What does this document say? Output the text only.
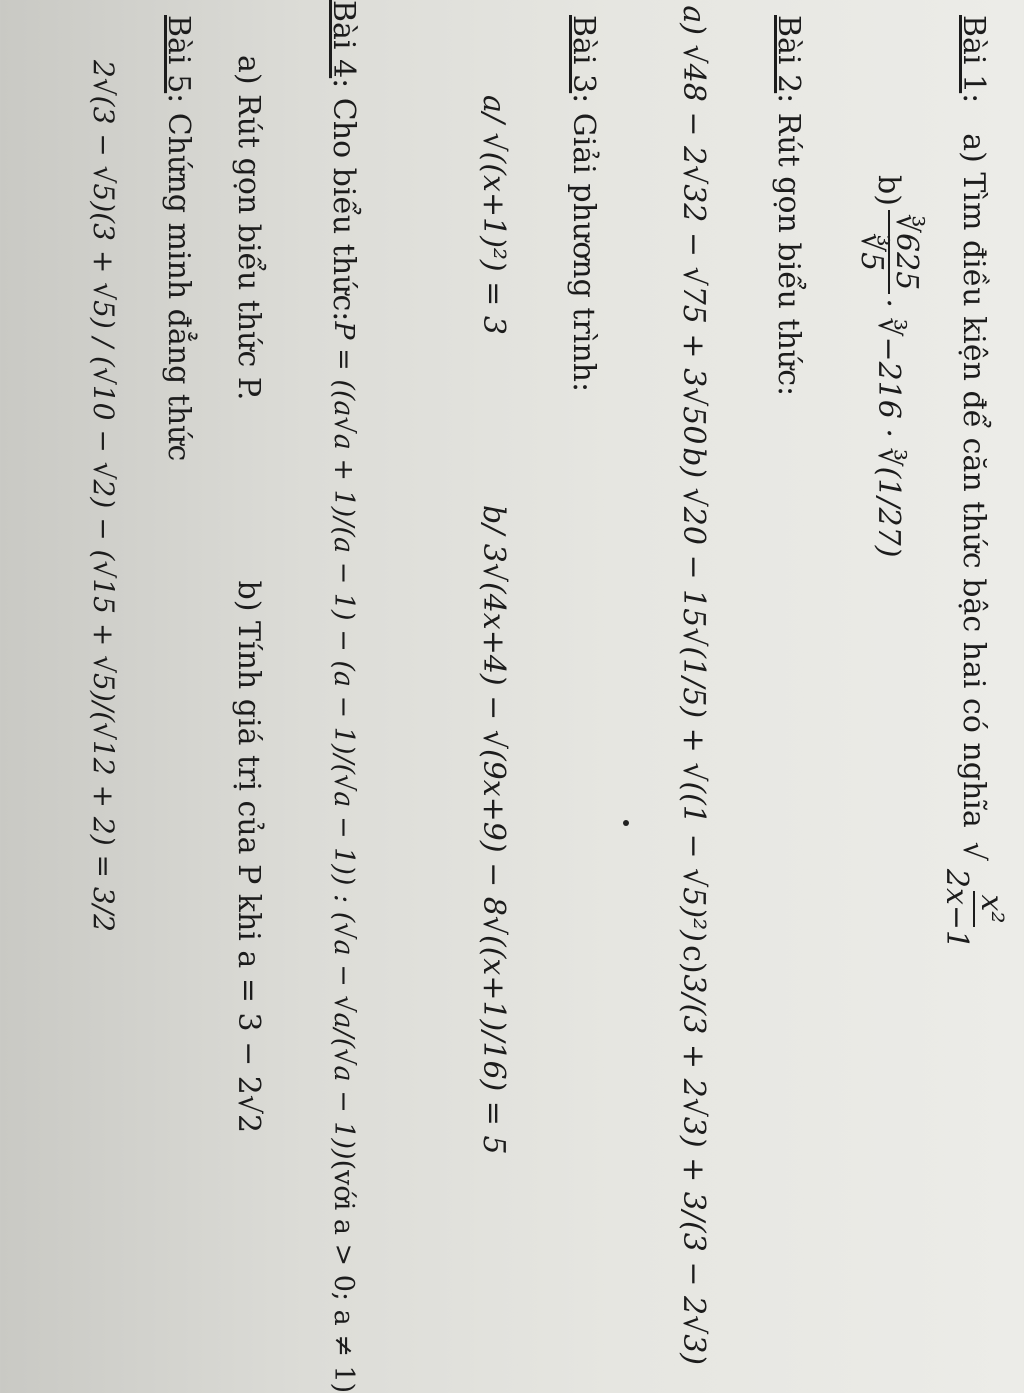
Bài 1
:
a) Tìm điều kiện để căn thức bậc hai có nghĩa
√
x²
2x−1
b)
∛625
∛5
· ∛−216 · ∛(1/27)
Bài 2
: Rút gọn biểu thức:
a) √48 − 2√32 − √75 + 3√50
b) √20 − 15√(1/5) + √((1 − √5)²)
c)
3/(3 + 2√3) + 3/(3 − 2√3)
Bài 3
: Giải phương trình:
a/ √((x+1)²) = 3
b/ 3√(4x+4) − √(9x+9) − 8√((x+1)/16) = 5
Bài 4
: Cho biểu thức:
P = ((a√a + 1)/(a − 1) − (a − 1)/(√a − 1)) : (√a − √a/(√a − 1))
(với a > 0; a ≠ 1)
a) Rút gọn biểu thức P.
b) Tính giá trị của P khi a = 3 − 2√2
Bài 5
: Chứng minh đẳng thức
2√(3 − √5)(3 + √5) / (√10 − √2) − (√15 + √5)/(√12 + 2) = 3/2
